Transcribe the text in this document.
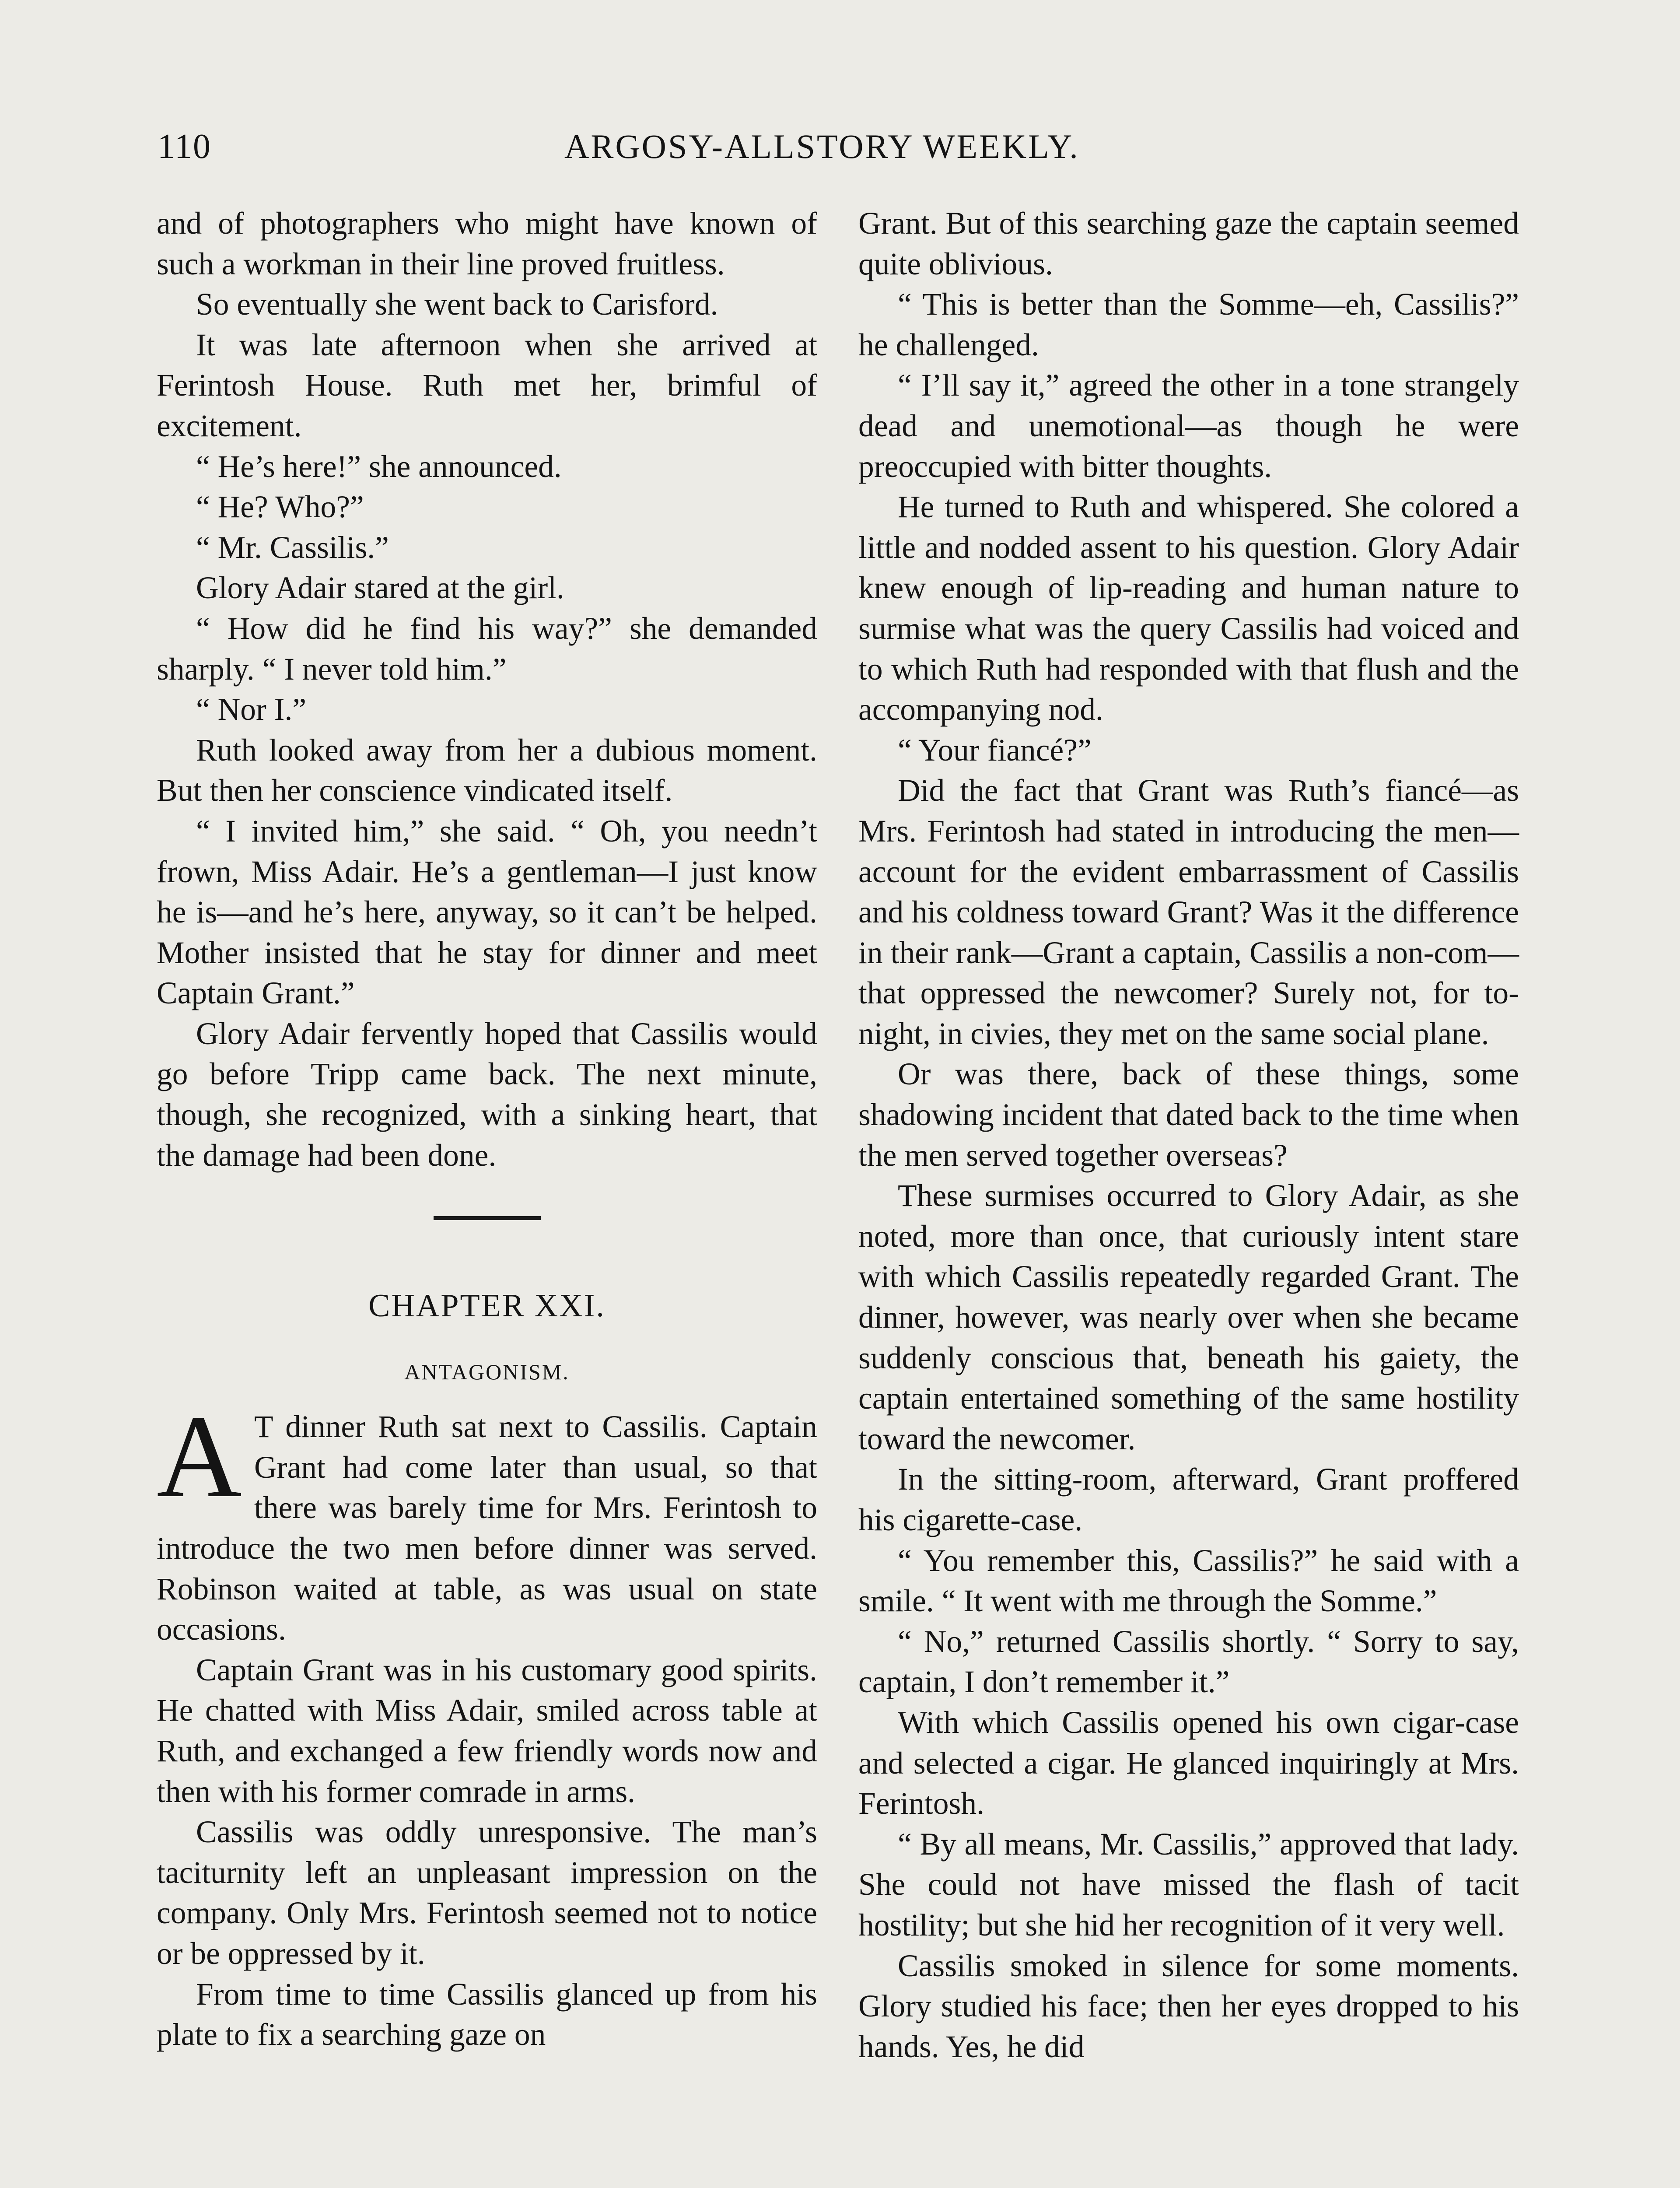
110	ARGOSY-ALLSTORY WEEKLY.

and of photographers who might have known of such a workman in their line proved fruitless.

So eventually she went back to Carisford.

It was late afternoon when she arrived at Ferintosh House. Ruth met her, brimful of excitement.

“ He’s here!” she announced.

“ He? Who?”

“ Mr. Cassilis.”

Glory Adair stared at the girl.

“ How did he find his way?” she demanded sharply. “ I never told him.”

“ Nor I.”

Ruth looked away from her a dubious moment. But then her conscience vindicated itself.

“ I invited him,” she said. “ Oh, you needn’t frown, Miss Adair. He’s a gentleman—I just know he is—and he’s here, anyway, so it can’t be helped. Mother insisted that he stay for dinner and meet Captain Grant.”

Glory Adair fervently hoped that Cassilis would go before Tripp came back. The next minute, though, she recognized, with a sinking heart, that the damage had been done.

CHAPTER XXI.
ANTAGONISM.

A T dinner Ruth sat next to Cassilis. Captain Grant had come later than usual, so that there was barely time for Mrs. Ferintosh to introduce the two men before dinner was served. Robinson waited at table, as was usual on state occasions.

Captain Grant was in his customary good spirits. He chatted with Miss Adair, smiled across table at Ruth, and exchanged a few friendly words now and then with his former comrade in arms.

Cassilis was oddly unresponsive. The man’s taciturnity left an unpleasant impression on the company. Only Mrs. Ferintosh seemed not to notice or be oppressed by it.

From time to time Cassilis glanced up from his plate to fix a searching gaze on

Grant. But of this searching gaze the captain seemed quite oblivious.

“ This is better than the Somme—eh, Cassilis?” he challenged.

“ I’ll say it,” agreed the other in a tone strangely dead and unemotional—as though he were preoccupied with bitter thoughts.

He turned to Ruth and whispered. She colored a little and nodded assent to his question. Glory Adair knew enough of lip-reading and human nature to surmise what was the query Cassilis had voiced and to which Ruth had responded with that flush and the accompanying nod.

“ Your fiancé?”

Did the fact that Grant was Ruth’s fiancé—as Mrs. Ferintosh had stated in introducing the men—account for the evident embarrassment of Cassilis and his coldness toward Grant? Was it the difference in their rank—Grant a captain, Cassilis a non-com—that oppressed the newcomer? Surely not, for to-night, in civies, they met on the same social plane.

Or was there, back of these things, some shadowing incident that dated back to the time when the men served together overseas?

These surmises occurred to Glory Adair, as she noted, more than once, that curiously intent stare with which Cassilis repeatedly regarded Grant. The dinner, however, was nearly over when she became suddenly conscious that, beneath his gaiety, the captain entertained something of the same hostility toward the newcomer.

In the sitting-room, afterward, Grant proffered his cigarette-case.

“ You remember this, Cassilis?” he said with a smile. “ It went with me through the Somme.”

“ No,” returned Cassilis shortly. “ Sorry to say, captain, I don’t remember it.”

With which Cassilis opened his own cigar-case and selected a cigar. He glanced inquiringly at Mrs. Ferintosh.

“ By all means, Mr. Cassilis,” approved that lady. She could not have missed the flash of tacit hostility; but she hid her recognition of it very well.

Cassilis smoked in silence for some moments. Glory studied his face; then her eyes dropped to his hands. Yes, he did
